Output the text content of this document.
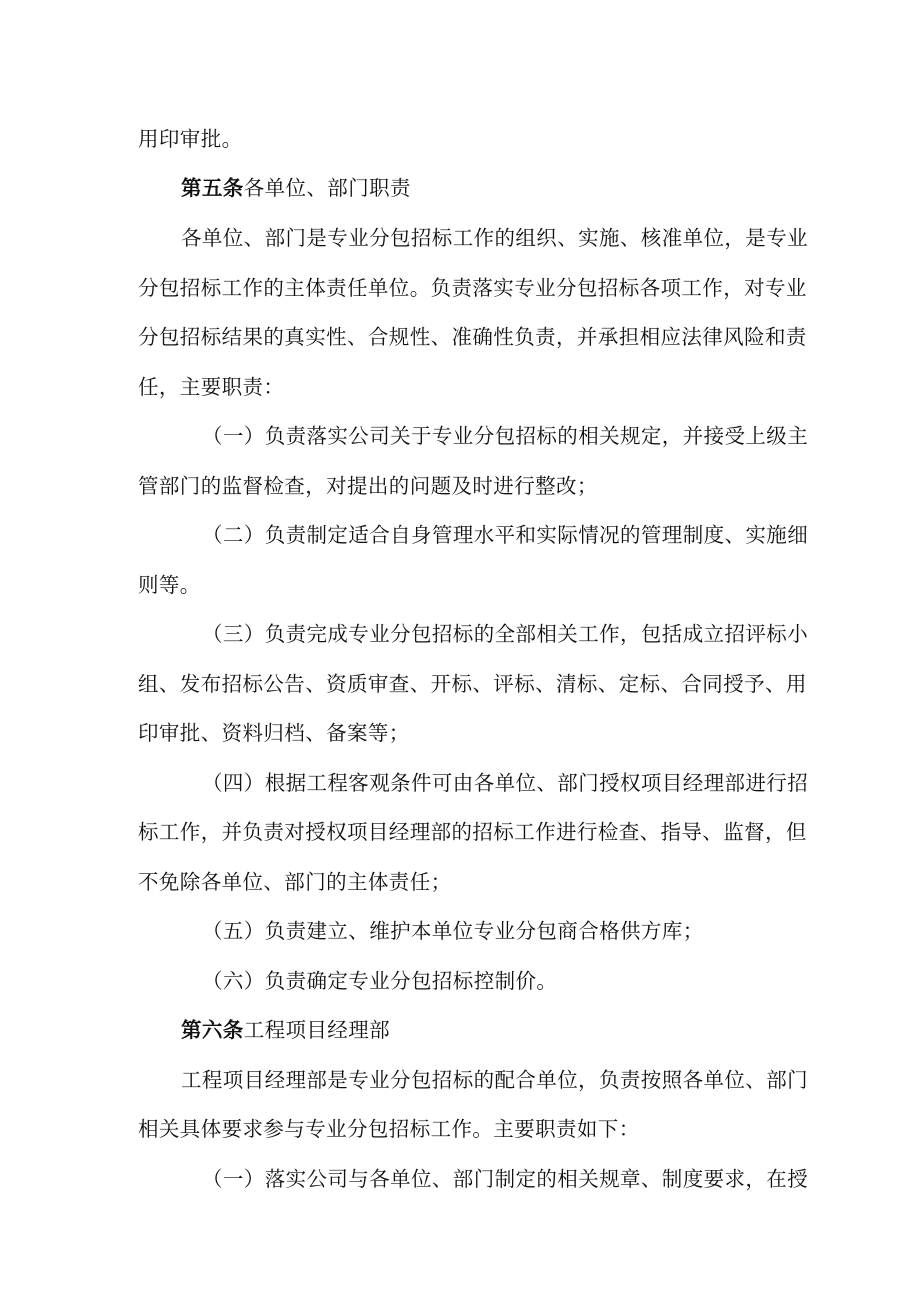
用印审批。
第五条各单位、部门职责
各单位、部门是专业分包招标工作的组织、实施、核准单位，是专业
分包招标工作的主体责任单位。负责落实专业分包招标各项工作，对专业
分包招标结果的真实性、合规性、准确性负责，并承担相应法律风险和责
任，主要职责：
（一）负责落实公司关于专业分包招标的相关规定，并接受上级主
管部门的监督检查，对提出的问题及时进行整改；
（二）负责制定适合自身管理水平和实际情况的管理制度、实施细
则等。
（三）负责完成专业分包招标的全部相关工作，包括成立招评标小
组、发布招标公告、资质审查、开标、评标、清标、定标、合同授予、用
印审批、资料归档、备案等；
（四）根据工程客观条件可由各单位、部门授权项目经理部进行招
标工作，并负责对授权项目经理部的招标工作进行检查、指导、监督，但
不免除各单位、部门的主体责任；
（五）负责建立、维护本单位专业分包商合格供方库；
（六）负责确定专业分包招标控制价。
第六条工程项目经理部
工程项目经理部是专业分包招标的配合单位，负责按照各单位、部门
相关具体要求参与专业分包招标工作。主要职责如下：
（一）落实公司与各单位、部门制定的相关规章、制度要求，在授
